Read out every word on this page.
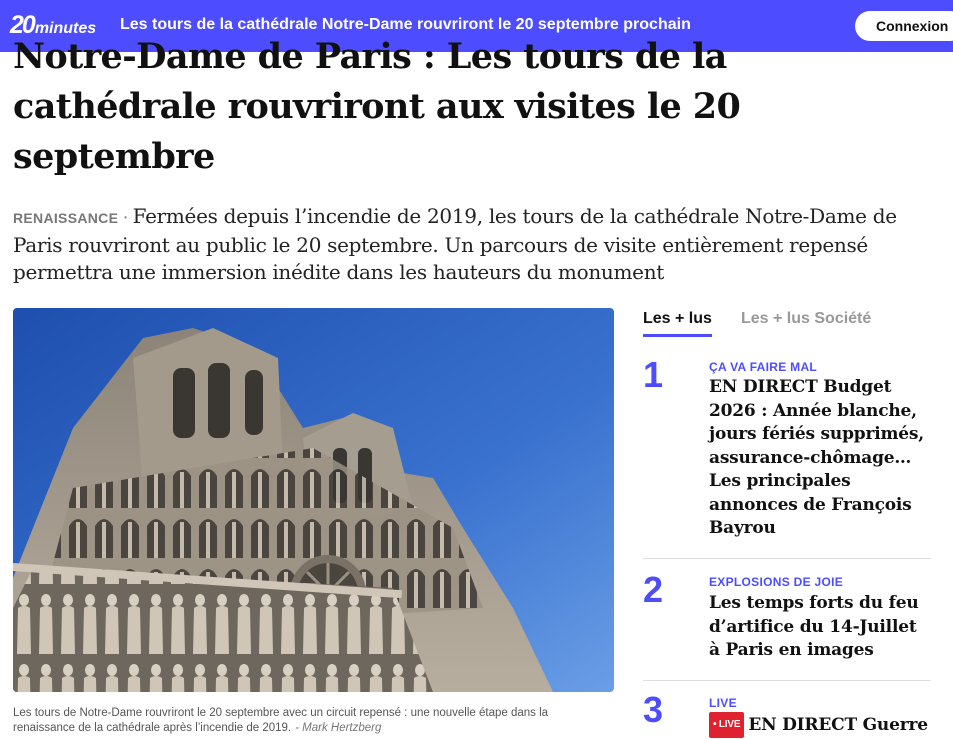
20minutes Les tours de la cathédrale Notre-Dame rouvriront le 20 septembre prochain	Connexion
Notre-Dame de Paris : Les tours de la cathédrale rouvriront aux visites le 20 septembre

RENAISSANCE · Fermées depuis l’incendie de 2019, les tours de la cathédrale Notre-Dame de Paris rouvriront au public le 20 septembre. Un parcours de visite entièrement repensé permettra une immersion inédite dans les hauteurs du monument

Les tours de Notre-Dame rouvriront le 20 septembre avec un circuit repensé : une nouvelle étape dans la renaissance de la cathédrale après l’incendie de 2019. - Mark Hertzberg
Les + lus Les + lus Société
1	ÇA VA FAIRE MAL
EN DIRECT Budget 2026 : Année blanche, jours fériés supprimés, assurance-chômage… Les principales annonces de François Bayrou
2	EXPLOSIONS DE JOIE
Les temps forts du feu d’artifice du 14-Juillet à Paris en images
3	LIVE
• LIVE EN DIRECT Guerre
